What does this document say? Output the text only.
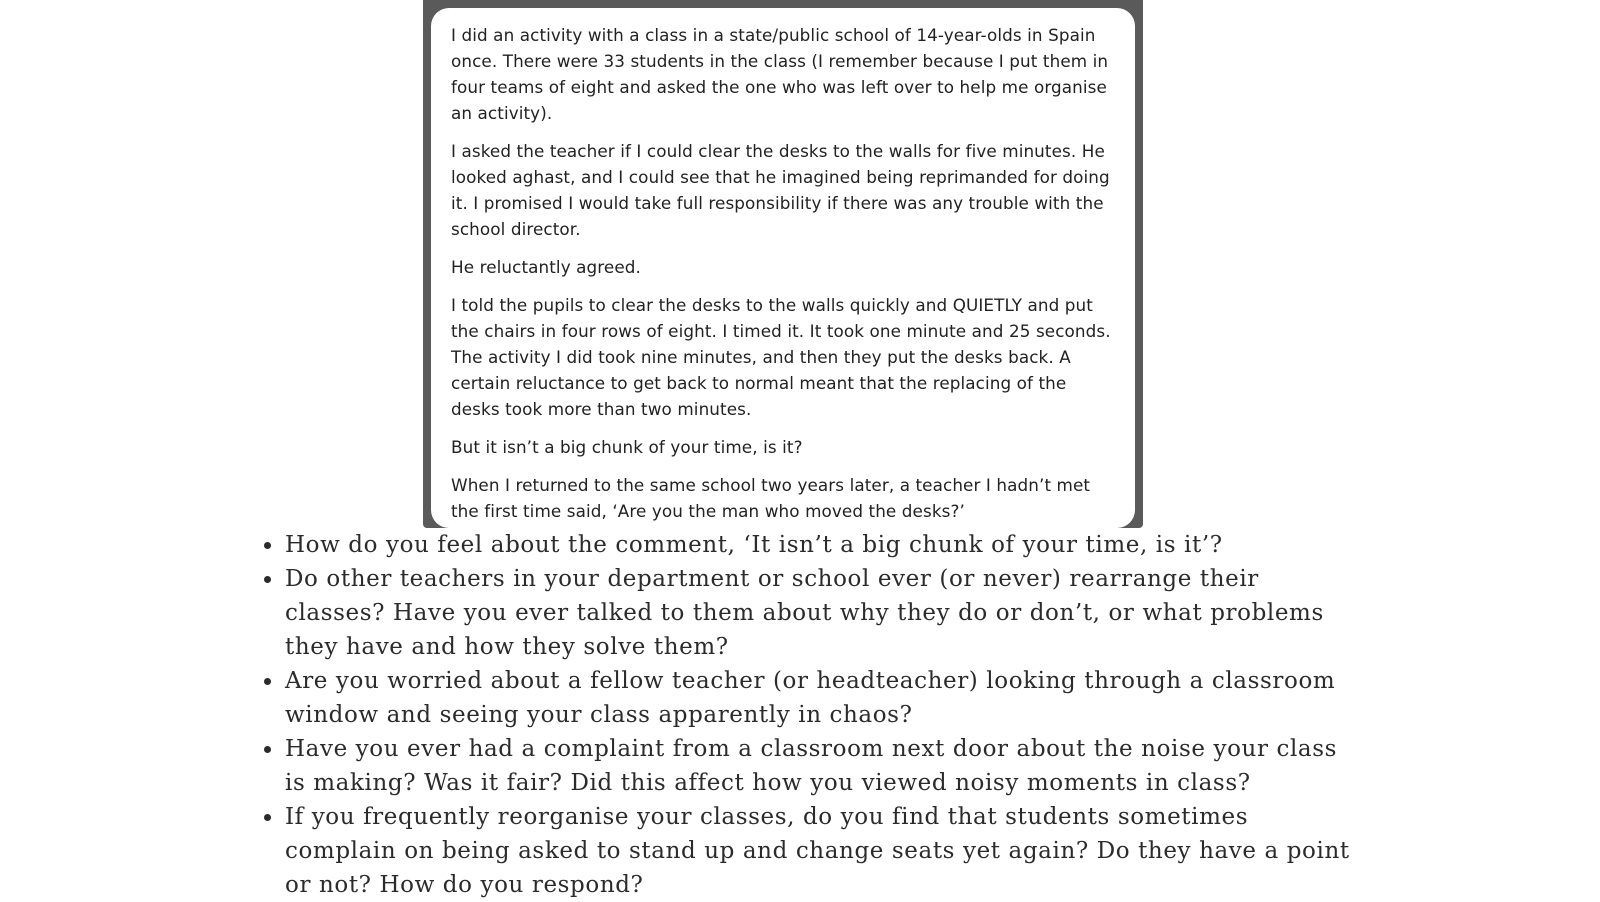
I did an activity with a class in a state/public school of 14-year-olds in Spain once. There were 33 students in the class (I remember because I put them in four teams of eight and asked the one who was left over to help me organise an activity).

I asked the teacher if I could clear the desks to the walls for five minutes. He looked aghast, and I could see that he imagined being reprimanded for doing it. I promised I would take full responsibility if there was any trouble with the school director.

He reluctantly agreed.

I told the pupils to clear the desks to the walls quickly and QUIETLY and put the chairs in four rows of eight. I timed it. It took one minute and 25 seconds. The activity I did took nine minutes, and then they put the desks back. A certain reluctance to get back to normal meant that the replacing of the desks took more than two minutes.

But it isn’t a big chunk of your time, is it?

When I returned to the same school two years later, a teacher I hadn’t met the first time said, ‘Are you the man who moved the desks?’

How do you feel about the comment, ‘It isn’t a big chunk of your time, is it’?
Do other teachers in your department or school ever (or never) rearrange their classes? Have you ever talked to them about why they do or don’t, or what problems they have and how they solve them?
Are you worried about a fellow teacher (or headteacher) looking through a classroom window and seeing your class apparently in chaos?
Have you ever had a complaint from a classroom next door about the noise your class is making? Was it fair? Did this affect how you viewed noisy moments in class?
If you frequently reorganise your classes, do you find that students sometimes complain on being asked to stand up and change seats yet again? Do they have a point or not? How do you respond?
